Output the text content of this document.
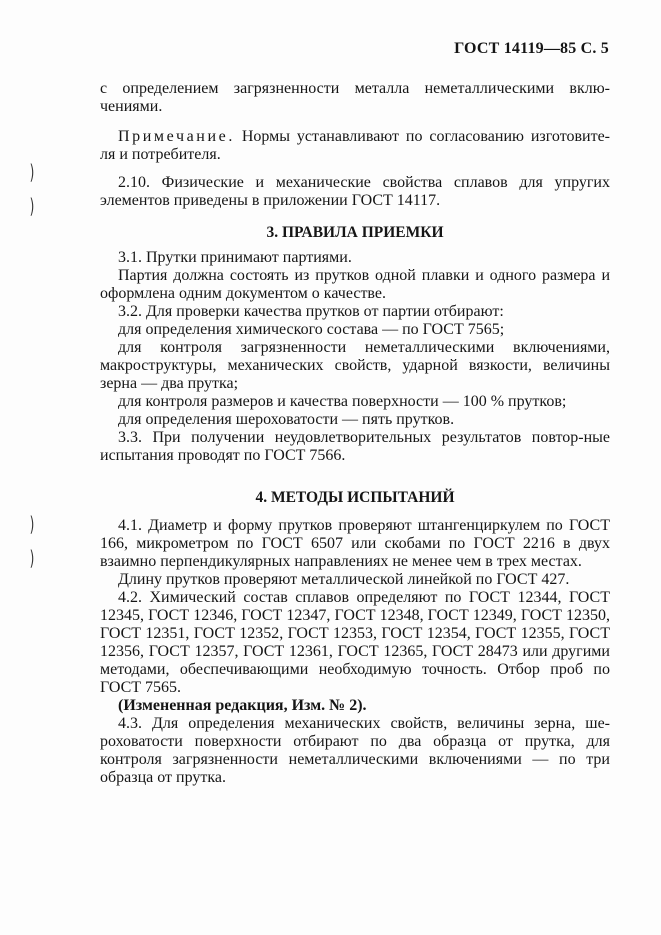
ГОСТ 14119—85 С. 5
)
)
)
)

с определением загрязненности металла неметаллическими вклю-чениями.

Примечание. Нормы устанавливают по согласованию изготовите-ля и потребителя.

2.10. Физические и механические свойства сплавов для упругих элементов приведены в приложении ГОСТ 14117.

3. ПРАВИЛА ПРИЕМКИ

3.1. Прутки принимают партиями.

Партия должна состоять из прутков одной плавки и одного размера и оформлена одним документом о качестве.

3.2. Для проверки качества прутков от партии отбирают:

для определения химического состава — по ГОСТ 7565;

для контроля загрязненности неметаллическими включениями, макроструктуры, механических свойств, ударной вязкости, величины зерна — два прутка;

для контроля размеров и качества поверхности — 100 % прутков;

для определения шероховатости — пять прутков.

3.3. При получении неудовлетворительных результатов повтор-ные испытания проводят по ГОСТ 7566.

4. МЕТОДЫ ИСПЫТАНИЙ

4.1. Диаметр и форму прутков проверяют штангенциркулем по ГОСТ 166, микрометром по ГОСТ 6507 или скобами по ГОСТ 2216 в двух взаимно перпендикулярных направлениях не менее чем в трех местах.

Длину прутков проверяют металлической линейкой по ГОСТ 427.

4.2. Химический состав сплавов определяют по ГОСТ 12344, ГОСТ 12345, ГОСТ 12346, ГОСТ 12347, ГОСТ 12348, ГОСТ 12349, ГОСТ 12350, ГОСТ 12351, ГОСТ 12352, ГОСТ 12353, ГОСТ 12354, ГОСТ 12355, ГОСТ 12356, ГОСТ 12357, ГОСТ 12361, ГОСТ 12365, ГОСТ 28473 или другими методами, обеспечивающими необходимую точность. Отбор проб по ГОСТ 7565.

(Измененная редакция, Изм. № 2).

4.3. Для определения механических свойств, величины зерна, ше-роховатости поверхности отбирают по два образца от прутка, для контроля загрязненности неметаллическими включениями — по три образца от прутка.
